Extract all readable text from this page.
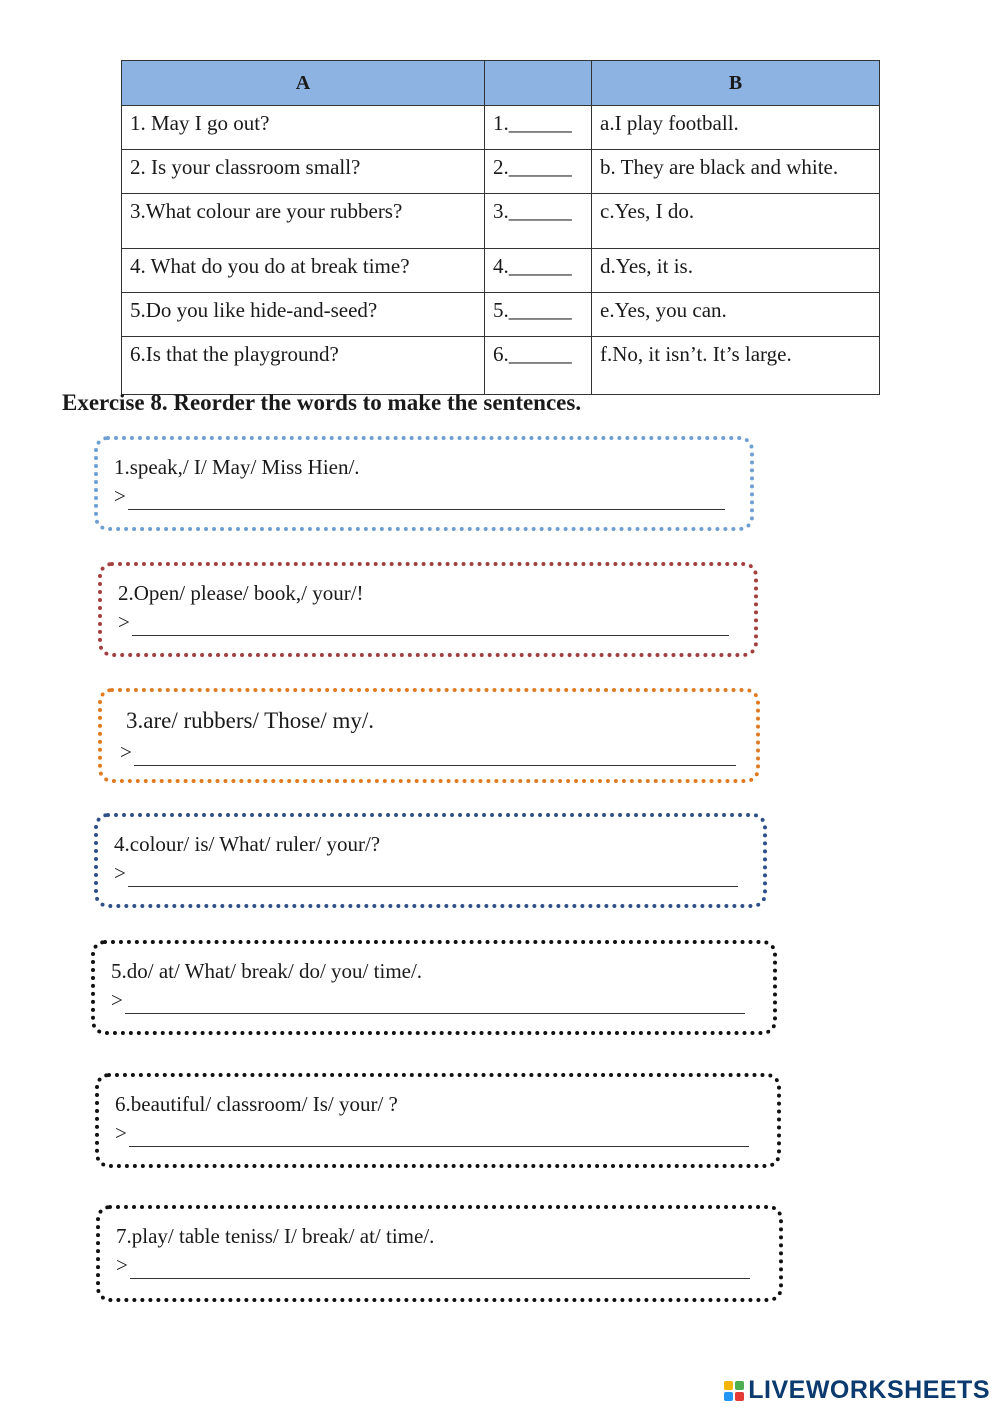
A		B
1. May I go out?	1.______	a.I play football.
2. Is your classroom small?	2.______	b. They are black and white.
3.What colour are your rubbers?	3.______	c.Yes, I do.
4. What do you do at break time?	4.______	d.Yes, it is.
5.Do you like hide-and-seed?	5.______	e.Yes, you can.
6.Is that the playground?	6.______	f.No, it isn’t. It’s large.
Exercise 8. Reorder the words to make the sentences.
1.speak,/ I/ May/ Miss Hien/.
>
2.Open/ please/ book,/ your/!
>
3.are/ rubbers/ Those/ my/.
>
4.colour/ is/ What/ ruler/ your/?
>
5.do/ at/ What/ break/ do/ you/ time/.
>
6.beautiful/ classroom/ Is/ your/ ?
>
7.play/ table teniss/ I/ break/ at/ time/.
>
LIVEWORKSHEETS
